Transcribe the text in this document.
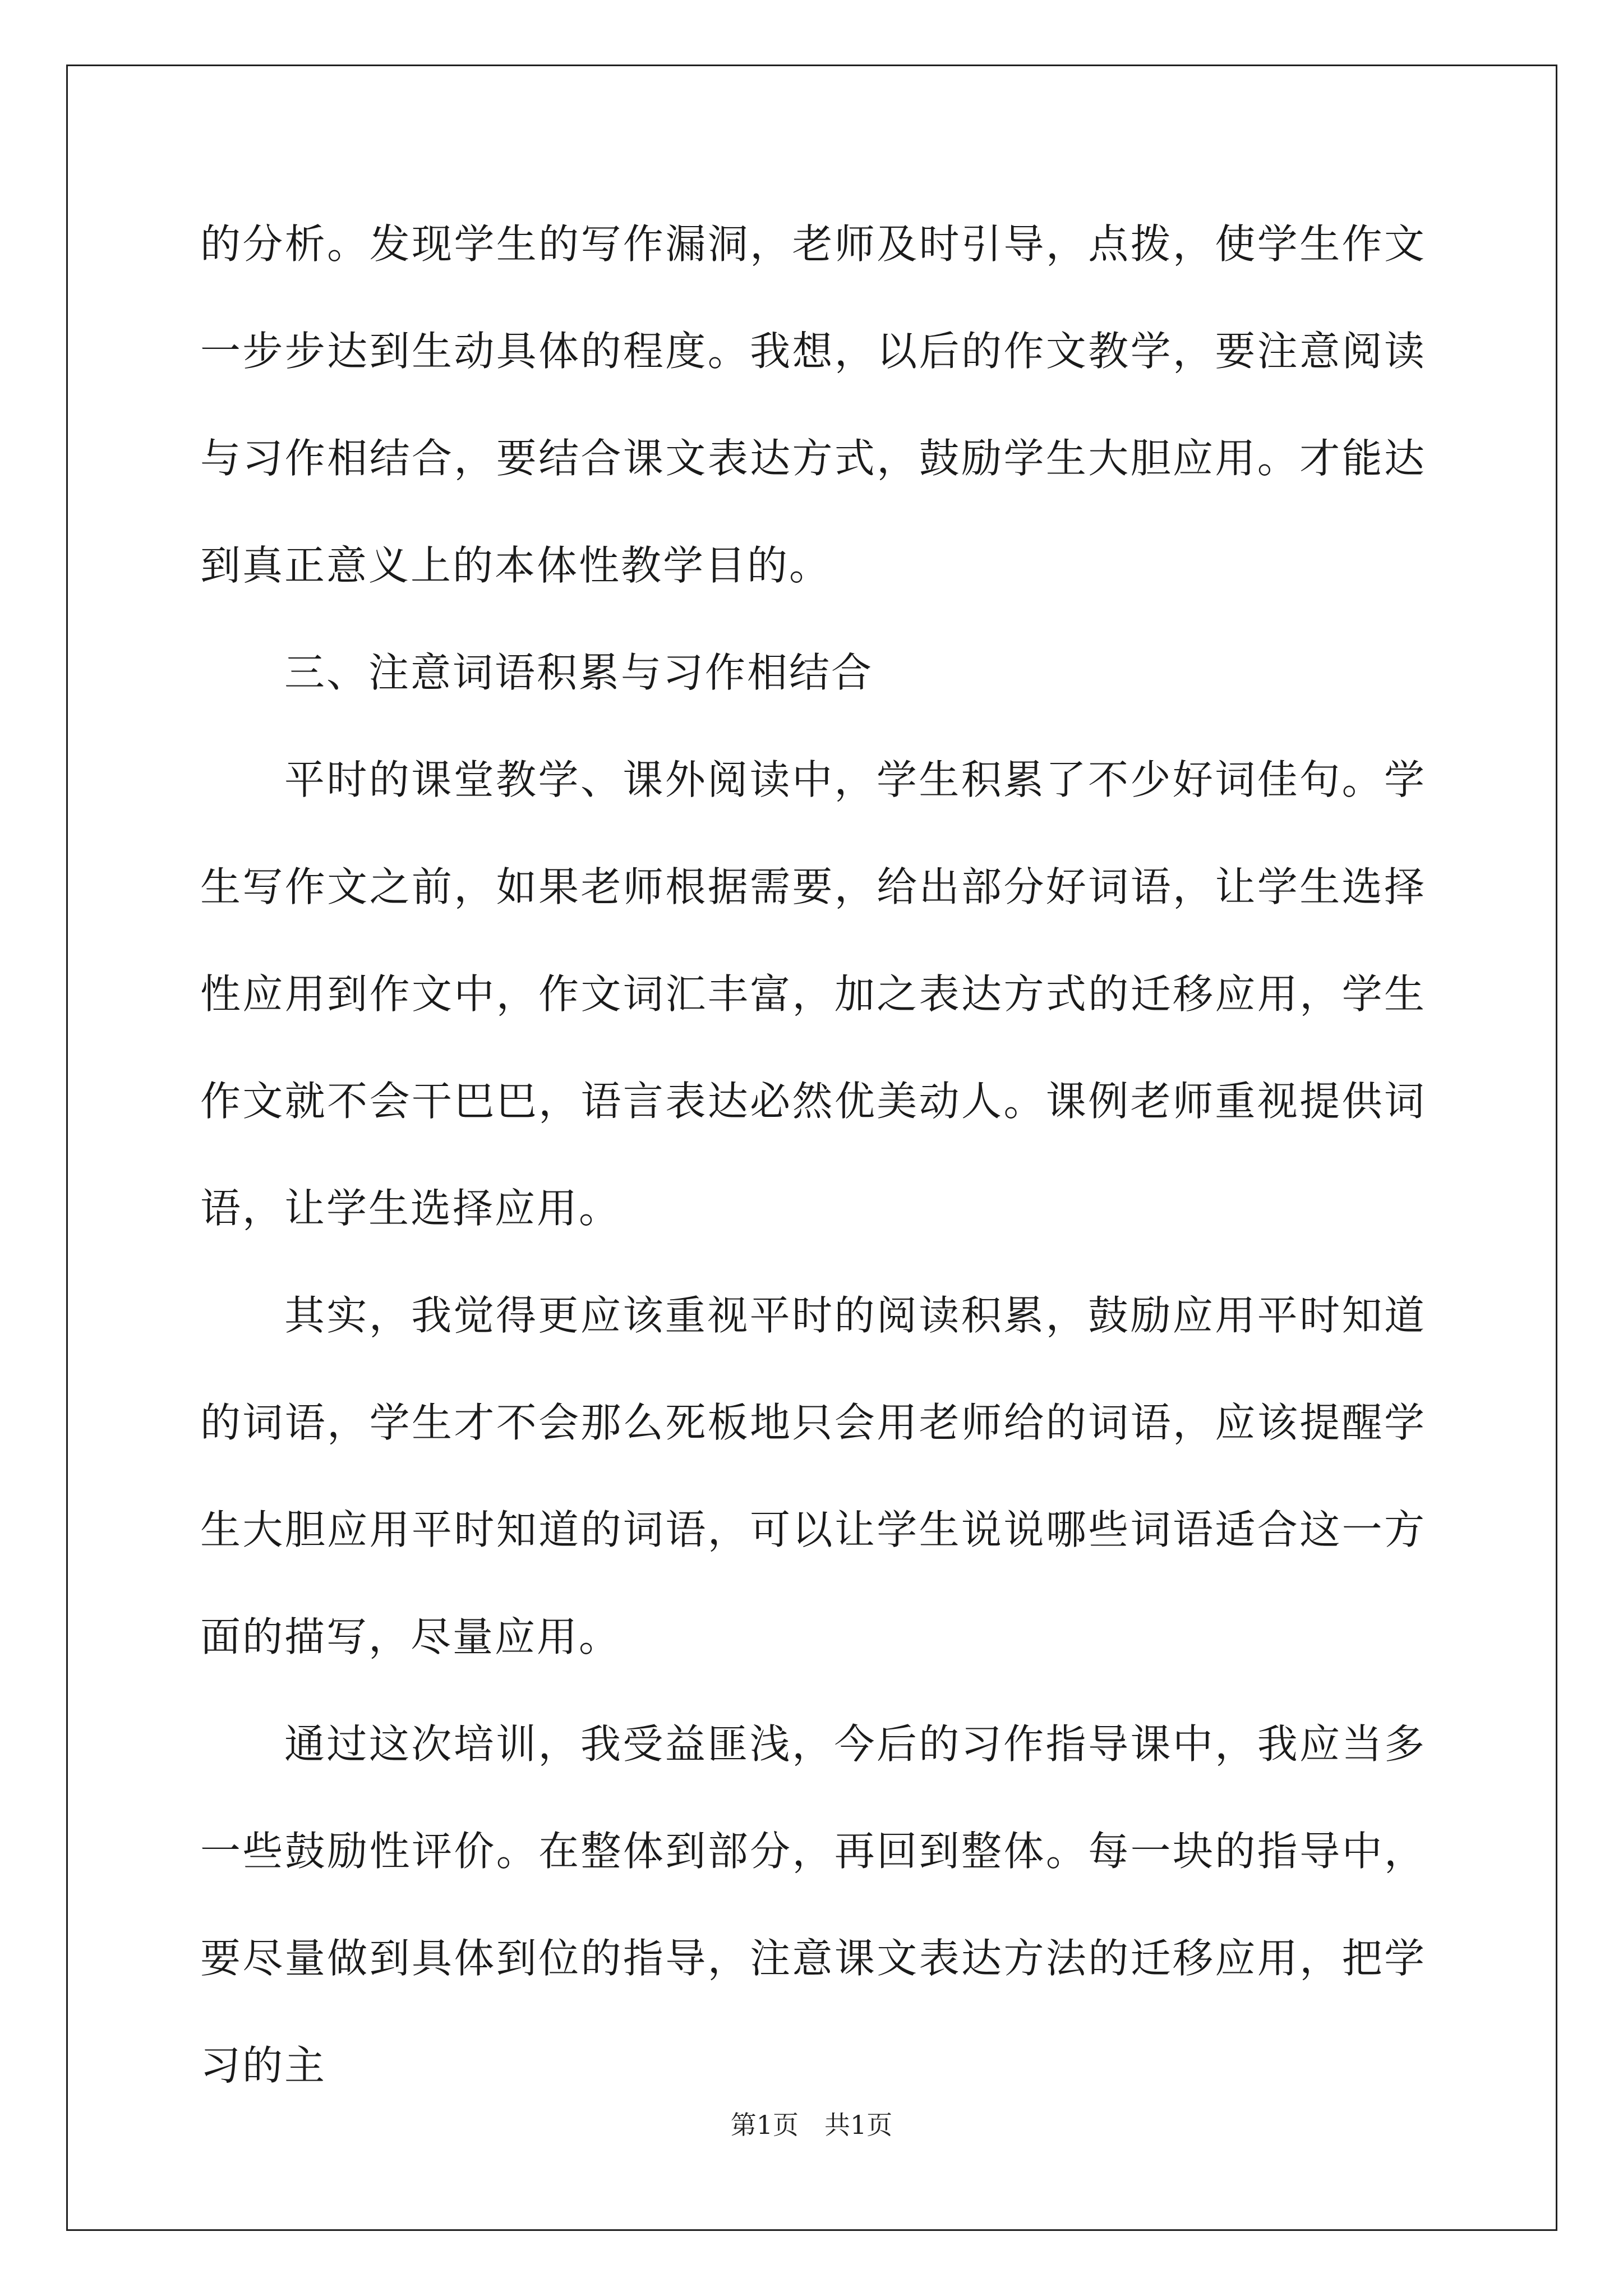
的分析。发现学生的写作漏洞，老师及时引导，点拨，使学生作文一步步达到生动具体的程度。我想，以后的作文教学，要注意阅读与习作相结合，要结合课文表达方式，鼓励学生大胆应用。才能达到真正意义上的本体性教学目的。

三、注意词语积累与习作相结合

平时的课堂教学、课外阅读中，学生积累了不少好词佳句。学生写作文之前，如果老师根据需要，给出部分好词语，让学生选择性应用到作文中，作文词汇丰富，加之表达方式的迁移应用，学生作文就不会干巴巴，语言表达必然优美动人。课例老师重视提供词语，让学生选择应用。

其实，我觉得更应该重视平时的阅读积累，鼓励应用平时知道的词语，学生才不会那么死板地只会用老师给的词语，应该提醒学生大胆应用平时知道的词语，可以让学生说说哪些词语适合这一方面的描写，尽量应用。

通过这次培训，我受益匪浅，今后的习作指导课中，我应当多一些鼓励性评价。在整体到部分，再回到整体。每一块的指导中，要尽量做到具体到位的指导，注意课文表达方法的迁移应用，把学习的主

第1页　共1页
